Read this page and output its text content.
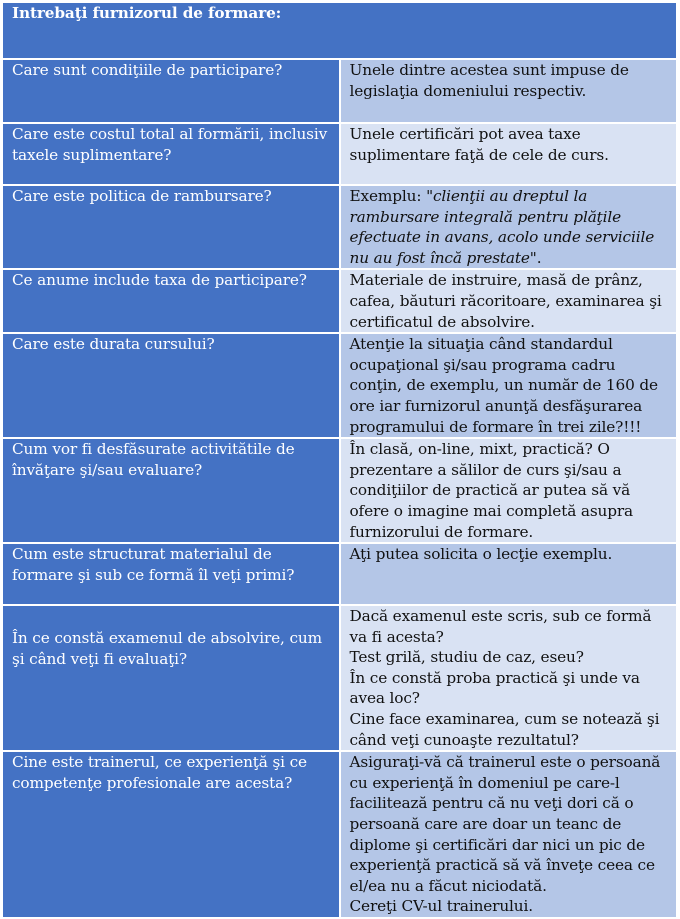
Intrebaţi furnizorul de formare:	
Care sunt condiţiile de participare?	Unele dintre acestea sunt impuse de legislaţia domeniului respectiv.
Care este costul total al formării, inclusiv taxele suplimentare?	Unele certificări pot avea taxe suplimentare faţă de cele de curs.
Care este politica de rambursare?	Exemplu: "clienţii au dreptul la rambursare integrală pentru plăţile efectuate in avans, acolo unde serviciile nu au fost încă prestate".
Ce anume include taxa de participare?	Materiale de instruire, masă de prânz, cafea, băuturi răcoritoare, examinarea şi certificatul de absolvire.
Care este durata cursului?	Atenţie la situaţia când standardul ocupaţional şi/sau programa cadru conţin, de exemplu, un număr de 160 de ore iar furnizorul anunţă desfăşurarea programului de formare în trei zile?!!!
Cum vor fi desfăsurate activitătile de învăţare şi/sau evaluare?	În clasă, on-line, mixt, practică? O prezentare a sălilor de curs şi/sau a condiţiilor de practică ar putea să vă ofere o imagine mai completă asupra furnizorului de formare.
Cum este structurat materialul de formare şi sub ce formă îl veţi primi?	Aţi putea solicita o lecţie exemplu.
În ce constă examenul de absolvire, cum şi când veţi fi evaluaţi?	Dacă examenul este scris, sub ce formă va fi acesta?
Test grilă, studiu de caz, eseu?
În ce constă proba practică şi unde va avea loc?
Cine face examinarea, cum se notează şi când veţi cunoaşte rezultatul?

Cine este trainerul, ce experienţă şi ce competenţe profesionale are acesta?	Asiguraţi-vă că trainerul este o persoană cu experienţă în domeniul pe care-l facilitează pentru că nu veţi dori că o persoană care are doar un teanc de diplome şi certificări dar nici un pic de experienţă practică să vă înveţe ceea ce el/ea nu a făcut niciodată.
Cereţi CV-ul trainerului.
